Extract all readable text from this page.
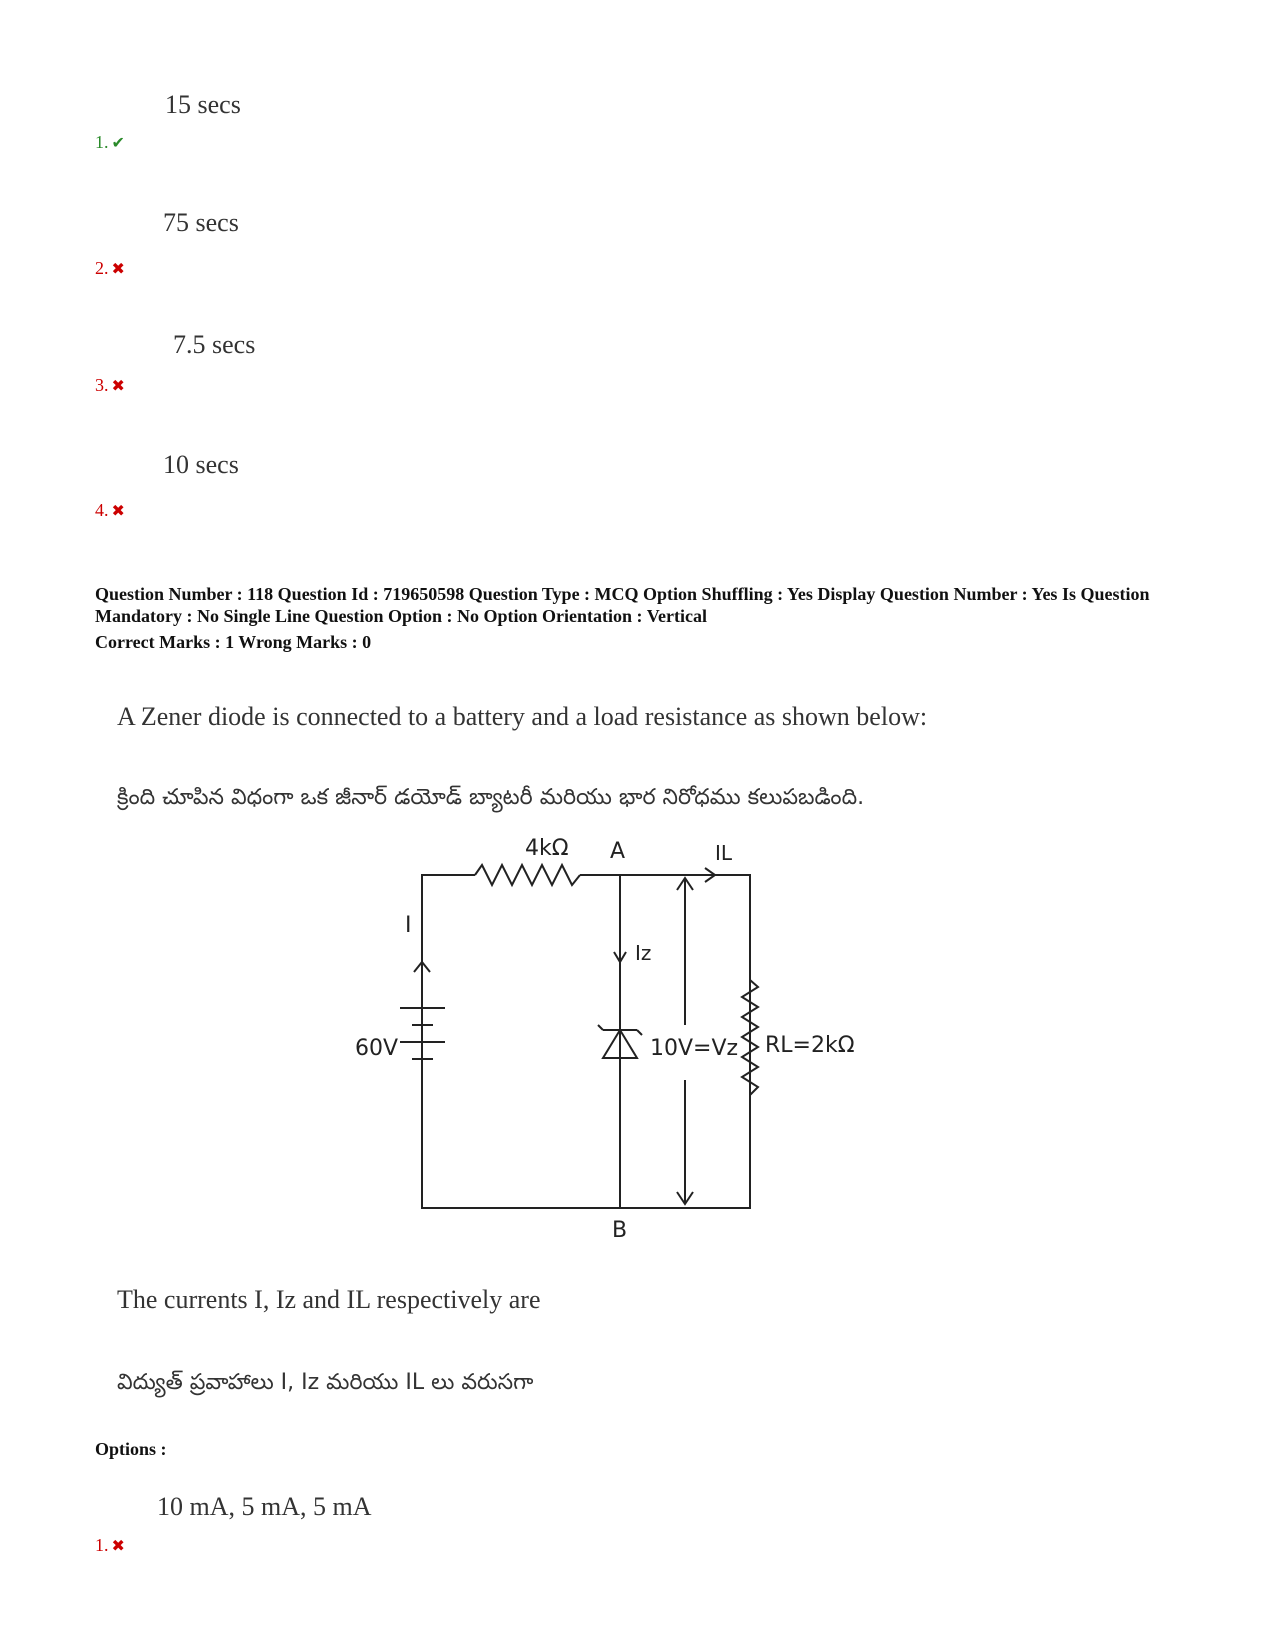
15 secs
1. ✔
75 secs
2. ✖
7.5 secs
3. ✖
10 secs
4. ✖
Question Number : 118 Question Id : 719650598 Question Type : MCQ Option Shuffling : Yes Display Question Number : Yes Is Question Mandatory : No Single Line Question Option : No Option Orientation : Vertical
Correct Marks : 1 Wrong Marks : 0
A Zener diode is connected to a battery and a load resistance as shown below:
క్రింది చూపిన విధంగా ఒక జీనార్ డయోడ్ బ్యాటరీ మరియు భార నిరోధము కలుపబడింది.
4kΩ A	IL
I
Iz
60V	10V=Vz RL=2kΩ
B
The currents I, Iz and IL respectively are
విద్యుత్ ప్రవాహాలు I, Iz మరియు IL లు వరుసగా
Options :
10 mA, 5 mA, 5 mA
1. ✖
